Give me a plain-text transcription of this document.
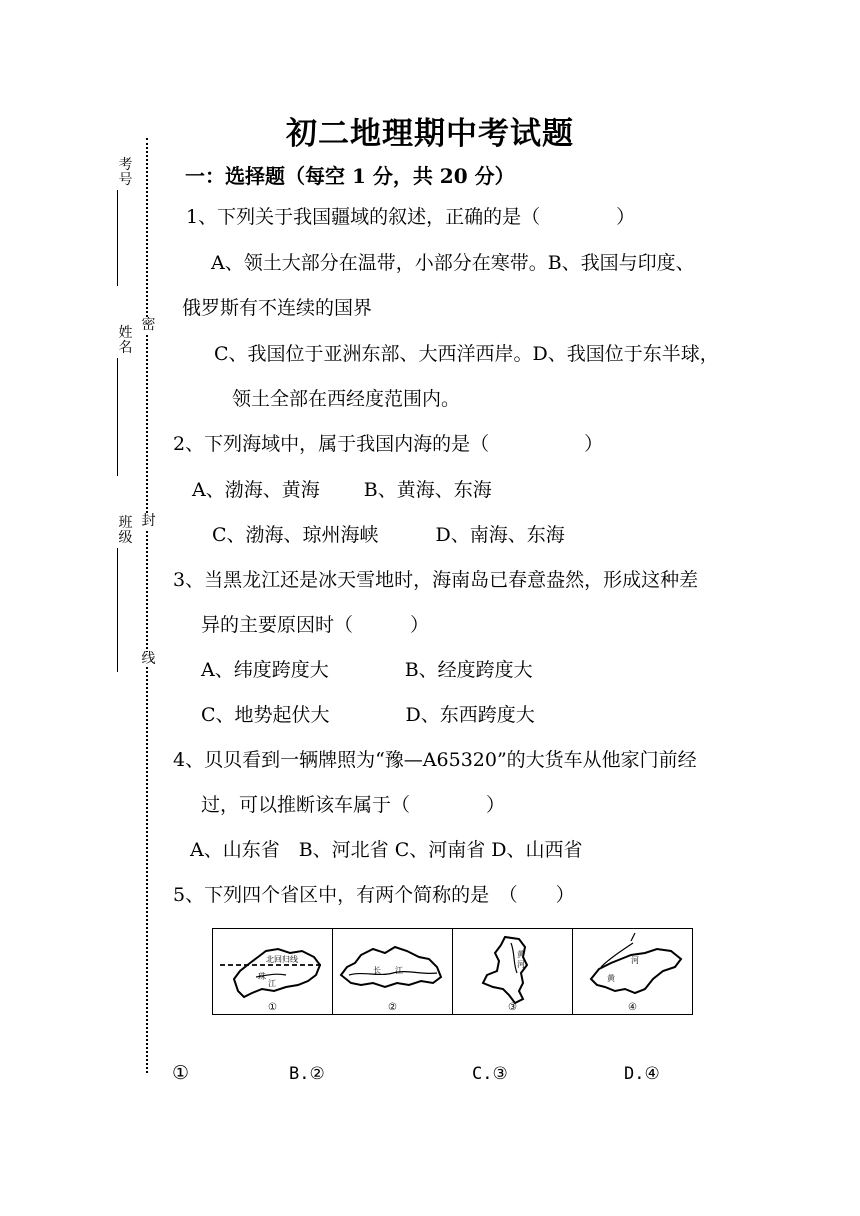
初二地理期中考试题
一：选择题（每空 1 分，共 20 分）
考号
姓名
班级
密
封
线
1、下列关于我国疆域的叙述，正确的是（　　　　）
A、领土大部分在温带，小部分在寒带。B、我国与印度、
俄罗斯有不连续的国界
C、我国位于亚洲东部、大西洋西岸。D、我国位于东半球，
领土全部在西经度范围内。
2、下列海域中，属于我国内海的是（　　　　　）
A、渤海、黄海　　 B、黄海、东海
C、渤海、琼州海峡　　　D、南海、东海
3、当黑龙江还是冰天雪地时，海南岛已春意盎然，形成这种差
异的主要原因时（　　　）
A、纬度跨度大　　　　B、经度跨度大
C、地势起伏大　　　　D、东西跨度大
4、贝贝看到一辆牌照为“豫—A65320”的大货车从他家门前经
过，可以推断该车属于（　　　　）
A、山东省　B、河北省 C、河南省 D、山西省
5、下列四个省区中，有两个简称的是　（　　）
北回归线
珠
江
①
长 江
②
黄
河
③
河
黄
④
①	B.②	C.③	D.④
